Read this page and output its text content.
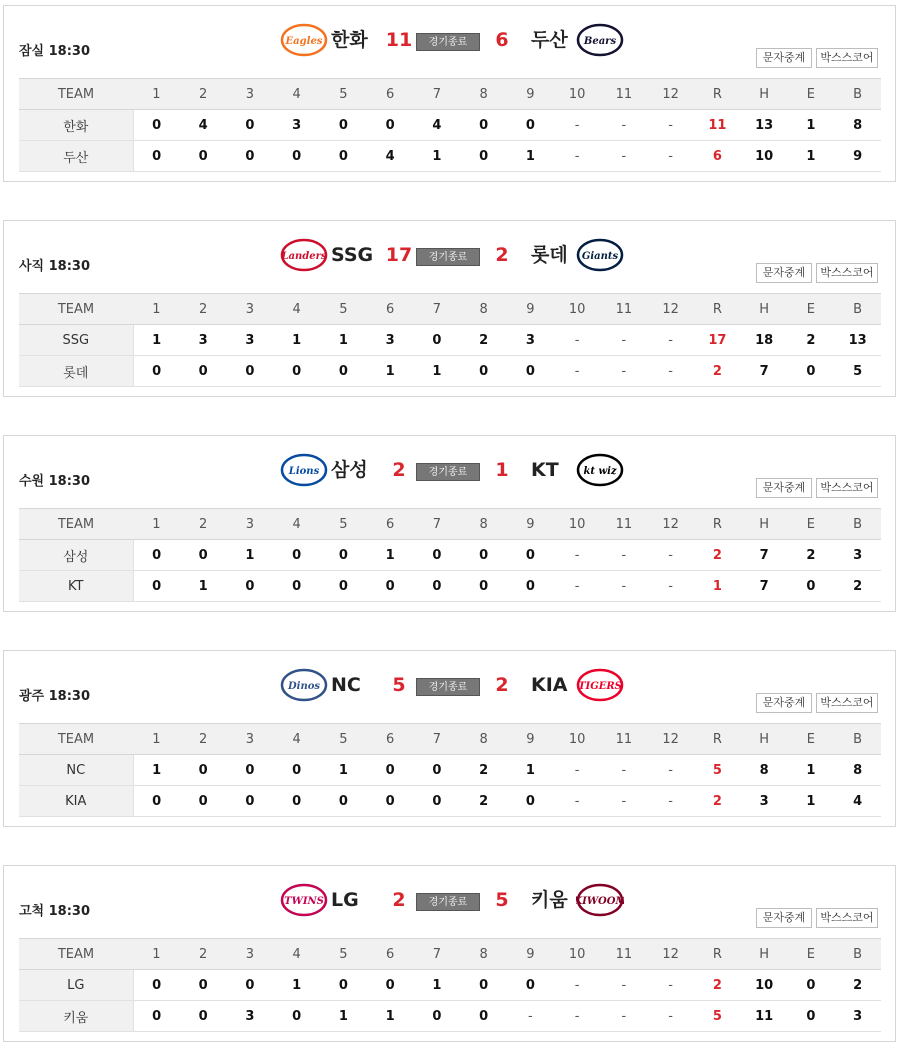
잠실 18:30
Eagles 한화 11	경기종료	6	두산 Bears
문자중계	박스스코어
TEAM	1	2	3	4	5	6	7	8	9	10	11	12	R	H	E	B
한화	0	4	0	3	0	0	4	0	0	-	-	-	11	13	1	8
두산	0	0	0	0	0	4	1	0	1	-	-	-	6	10	1	9
사직 18:30
Landers SSG 17	경기종료	2	롯데 Giants
문자중계	박스스코어
TEAM	1	2	3	4	5	6	7	8	9	10	11	12	R	H	E	B
SSG	1	3	3	1	1	3	0	2	3	-	-	-	17	18	2	13
롯데	0	0	0	0	0	1	1	0	0	-	-	-	2	7	0	5
수원 18:30
Lions 삼성	2	경기종료	1	KT kt wiz
문자중계	박스스코어
TEAM	1	2	3	4	5	6	7	8	9	10	11	12	R	H	E	B
삼성	0	0	1	0	0	1	0	0	0	-	-	-	2	7	2	3
KT	0	1	0	0	0	0	0	0	0	-	-	-	1	7	0	2
광주 18:30
Dinos NC	5	경기종료	2	KIA TIGERS
문자중계	박스스코어
TEAM	1	2	3	4	5	6	7	8	9	10	11	12	R	H	E	B
NC	1	0	0	0	1	0	0	2	1	-	-	-	5	8	1	8
KIA	0	0	0	0	0	0	0	2	0	-	-	-	2	3	1	4
고척 18:30
TWINS LG	2	경기종료	5	키움 KIWOOM
문자중계	박스스코어
TEAM	1	2	3	4	5	6	7	8	9	10	11	12	R	H	E	B
LG	0	0	0	1	0	0	1	0	0	-	-	-	2	10	0	2
키움	0	0	3	0	1	1	0	0	-	-	-	-	5	11	0	3
